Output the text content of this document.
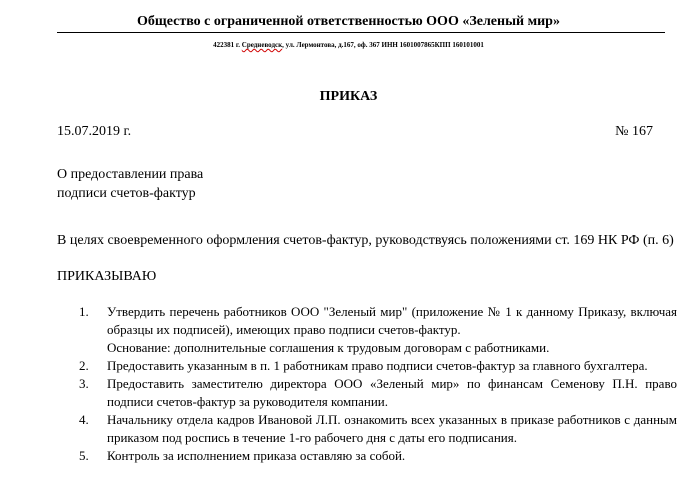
Общество с ограниченной ответственностью ООО «Зеленый мир»
422381 г. Средневодск, ул. Лермонтова, д.167, оф. 367 ИНН 1601007865КПП 160101001
ПРИКАЗ
15.07.2019 г.	№ 167
О предоставлении права
подписи счетов-фактур
В целях своевременного оформления счетов-фактур, руководствуясь положениями ст. 169 НК РФ (п. 6)
ПРИКАЗЫВАЮ
1. Утвердить перечень работников ООО "Зеленый мир" (приложение № 1 к данному Приказу, включая образцы их подписей), имеющих право подписи счетов-фактур.
Основание: дополнительные соглашения к трудовым договорам с работниками.
2. Предоставить указанным в п. 1 работникам право подписи счетов-фактур за главного бухгалтера.
3. Предоставить заместителю директора ООО «Зеленый мир» по финансам Семенову П.Н. право подписи счетов-фактур за руководителя компании.
4. Начальнику отдела кадров Ивановой Л.П. ознакомить всех указанных в приказе работников с данным приказом под роспись в течение 1-го рабочего дня с даты его подписания.
5. Контроль за исполнением приказа оставляю за собой.
